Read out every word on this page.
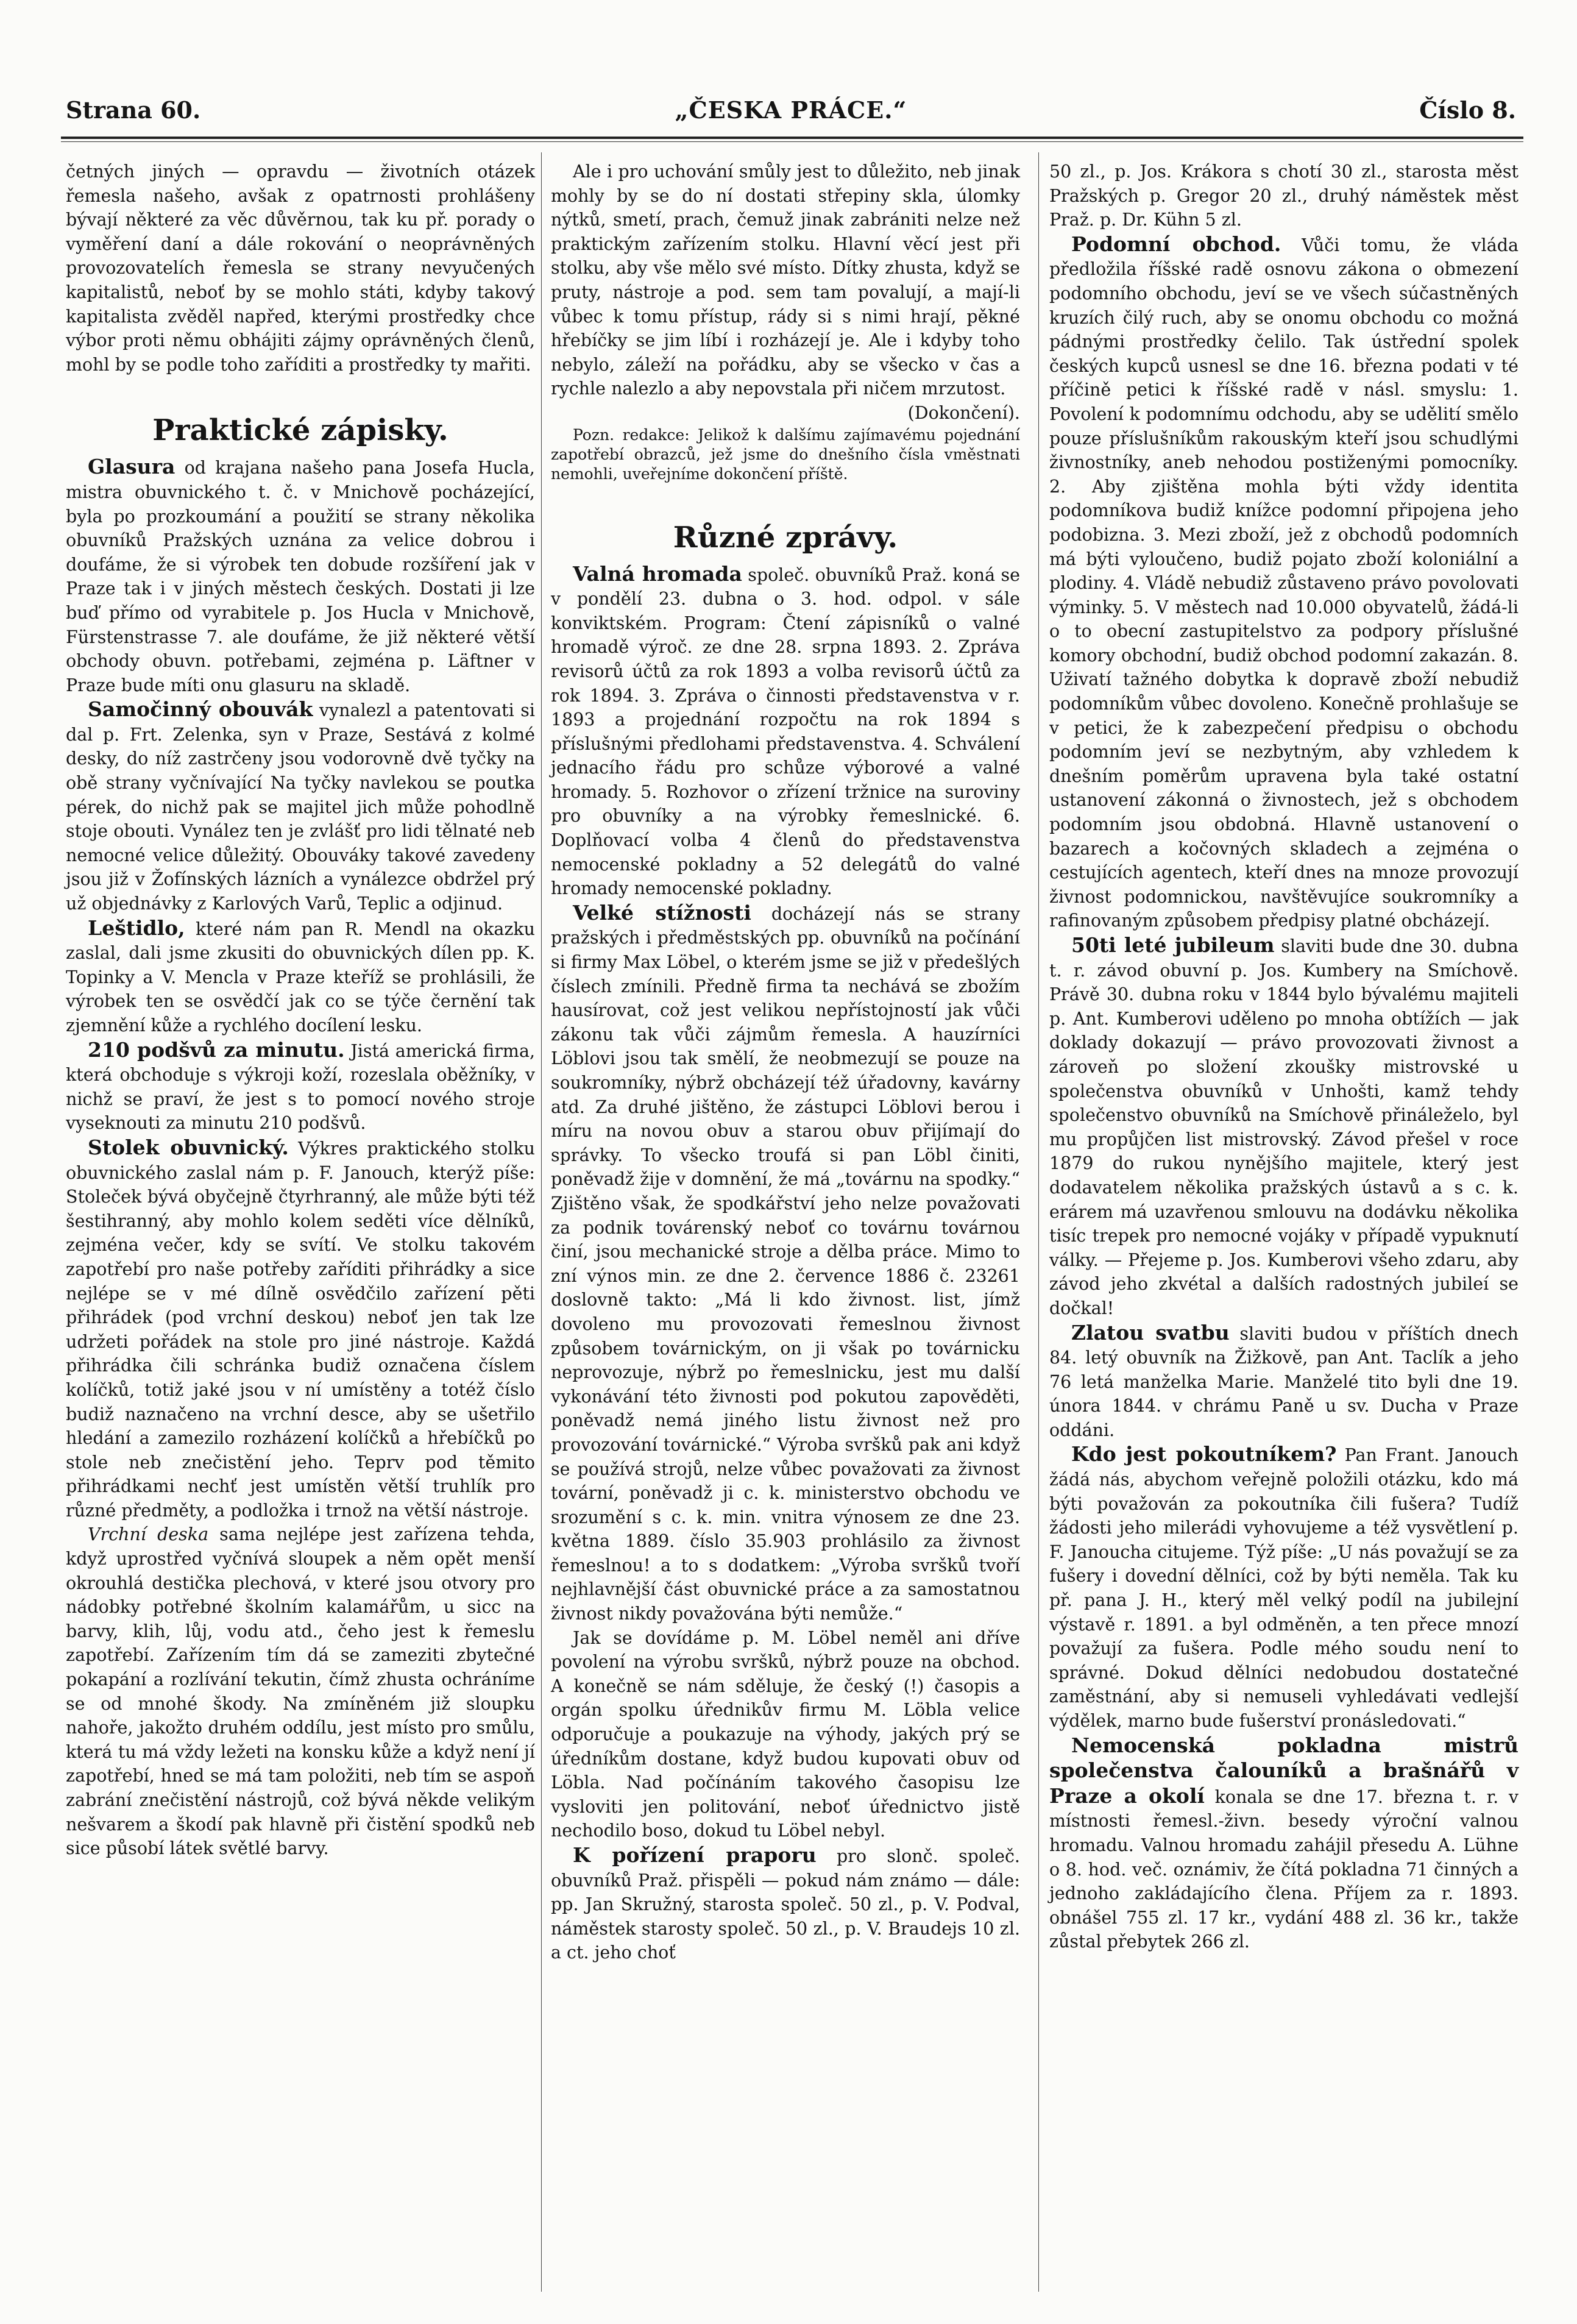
Strana 60.	„ČESKA PRÁCE.“	Číslo 8.

četných jiných — opravdu — životních otázek řemesla našeho, avšak z opatrnosti prohlášeny bývají některé za věc důvěrnou, tak ku př. porady o vyměření daní a dále rokování o neoprávněných provozovatelích řemesla se strany nevyučených kapitalistů, neboť by se mohlo státi, kdyby takový kapitalista zvěděl napřed, kterými prostředky chce výbor proti němu obhájiti zájmy oprávněných členů, mohl by se podle toho zaříditi a prostředky ty mařiti.

Praktické zápisky.

Glasura od krajana našeho pana Josefa Hucla, mistra obuvnického t. č. v Mnichově pocházející, byla po prozkoumání a použití se strany několika obuvníků Pražských uznána za velice dobrou i doufáme, že si výrobek ten dobude rozšíření jak v Praze tak i v jiných městech českých. Dostati ji lze buď přímo od vyrabitele p. Jos Hucla v Mnichově, Fürstenstrasse 7. ale doufáme, že již některé větší obchody obuvn. potřebami, zejména p. Läftner v Praze bude míti onu glasuru na skladě.

Samočinný obouvák vynalezl a patentovati si dal p. Frt. Zelenka, syn v Praze, Sestává z kolmé desky, do níž zastrčeny jsou vodorovně dvě tyčky na obě strany vyčnívající Na tyčky navlekou se poutka pérek, do nichž pak se majitel jich může pohodlně stoje obouti. Vynález ten je zvlášť pro lidi tělnaté neb nemocné velice důležitý. Obouváky takové zavedeny jsou již v Žofínských lázních a vynálezce obdržel prý už objednávky z Karlových Varů, Teplic a odjinud.

Leštidlo, které nám pan R. Mendl na okazku zaslal, dali jsme zkusiti do obuvnických dílen pp. K. Topinky a V. Mencla v Praze kteříž se prohlásili, že výrobek ten se osvědčí jak co se týče černění tak zjemnění kůže a rychlého docílení lesku.

210 podšvů za minutu. Jistá americká firma, která obchoduje s výkroji koží, rozeslala oběžníky, v nichž se praví, že jest s to pomocí nového stroje vyseknouti za minutu 210 podšvů.

Stolek obuvnický. Výkres praktického stolku obuvnického zaslal nám p. F. Janouch, kterýž píše: Stoleček bývá obyčejně čtyrhranný, ale může býti též šestihranný, aby mohlo kolem seděti více dělníků, zejména večer, kdy se svítí. Ve stolku takovém zapotřebí pro naše potřeby zaříditi přihrádky a sice nejlépe se v mé dílně osvědčilo zařízení pěti přihrádek (pod vrchní deskou) neboť jen tak lze udržeti pořádek na stole pro jiné nástroje. Každá přihrádka čili schránka budiž označena číslem kolíčků, totiž jaké jsou v ní umístěny a totéž číslo budiž naznačeno na vrchní desce, aby se ušetřilo hledání a zamezilo rozházení kolíčků a hřebíčků po stole neb znečistění jeho. Teprv pod těmito přihrádkami nechť jest umístěn větší truhlík pro různé předměty, a podložka i trnož na větší nástroje.

Vrchní deska sama nejlépe jest zařízena tehda, když uprostřed vyčnívá sloupek a něm opět menší okrouhlá destička plechová, v které jsou otvory pro nádobky potřebné školním kalamářům, u sicc na barvy, klih, lůj, vodu atd., čeho jest k řemeslu zapotřebí. Zařízením tím dá se zameziti zbytečné pokapání a rozlívání tekutin, čímž zhusta ochráníme se od mnohé škody. Na zmíněném již sloupku nahoře, jakožto druhém oddílu, jest místo pro smůlu, která tu má vždy ležeti na konsku kůže a když není jí zapotřebí, hned se má tam položiti, neb tím se aspoň zabrání znečistění nástrojů, což bývá někde velikým nešvarem a škodí pak hlavně při čistění spodků neb sice působí látek světlé barvy.

Ale i pro uchování smůly jest to důležito, neb jinak mohly by se do ní dostati střepiny skla, úlomky nýtků, smetí, prach, čemuž jinak zabrániti nelze než praktickým zařízením stolku. Hlavní věcí jest při stolku, aby vše mělo své místo. Dítky zhusta, když se pruty, nástroje a pod. sem tam povalují, a mají-li vůbec k tomu přístup, rády si s nimi hrají, pěkné hřebíčky se jim líbí i rozházejí je. Ale i kdyby toho nebylo, záleží na pořádku, aby se všecko v čas a rychle nalezlo a aby nepovstala při ničem mrzutost.

(Dokončení).

Pozn. redakce: Jelikož k dalšímu zajímavému pojednání zapotřebí obrazců, jež jsme do dnešního čísla vměstnati nemohli, uveřejníme dokončení příště.

Různé zprávy.

Valná hromada společ. obuvníků Praž. koná se v pondělí 23. dubna o 3. hod. odpol. v sále konviktském. Program: Čtení zápisníků o valné hromadě výroč. ze dne 28. srpna 1893. 2. Zpráva revisorů účtů za rok 1893 a volba revisorů účtů za rok 1894. 3. Zpráva o činnosti představenstva v r. 1893 a projednání rozpočtu na rok 1894 s příslušnými předlohami představenstva. 4. Schválení jednacího řádu pro schůze výborové a valné hromady. 5. Rozhovor o zřízení tržnice na suroviny pro obuvníky a na výrobky řemeslnické. 6. Doplňovací volba 4 členů do představenstva nemocenské pokladny a 52 delegátů do valné hromady nemocenské pokladny.

Velké stížnosti docházejí nás se strany pražských i předměstských pp. obuvníků na počínání si firmy Max Löbel, o kterém jsme se již v předešlých číslech zmínili. Předně firma ta nechává se zbožím hausírovat, což jest velikou nepřístojností jak vůči zákonu tak vůči zájmům řemesla. A hauzírníci Löblovi jsou tak smělí, že neobmezují se pouze na soukromníky, nýbrž obcházejí též úřadovny, kavárny atd. Za druhé jištěno, že zástupci Löblovi berou i míru na novou obuv a starou obuv přijímají do správky. To všecko troufá si pan Löbl činiti, poněvadž žije v domnění, že má „továrnu na spodky.“ Zjištěno však, že spodkářství jeho nelze považovati za podnik továrenský neboť co továrnu továrnou činí, jsou mechanické stroje a dělba práce. Mimo to zní výnos min. ze dne 2. července 1886 č. 23261 doslovně takto: „Má li kdo živnost. list, jímž dovoleno mu provozovati řemeslnou živnost způsobem továrnickým, on ji však po továrnicku neprovozuje, nýbrž po řemeslnicku, jest mu další vykonávání této živnosti pod pokutou zapověděti, poněvadž nemá jiného listu živnost než pro provozování továrnické.“ Výroba svršků pak ani když se používá strojů, nelze vůbec považovati za živnost tovární, poněvadž ji c. k. ministerstvo obchodu ve srozumění s c. k. min. vnitra výnosem ze dne 23. května 1889. číslo 35.903 prohlásilo za živnost řemeslnou! a to s dodatkem: „Výroba svršků tvoří nejhlavnější část obuvnické práce a za samostatnou živnost nikdy považována býti nemůže.“

Jak se dovídáme p. M. Löbel neměl ani dříve povolení na výrobu svršků, nýbrž pouze na obchod. A konečně se nám sděluje, že český (!) časopis a orgán spolku úřednikův firmu M. Löbla velice odporučuje a poukazuje na výhody, jakých prý se úředníkům dostane, když budou kupovati obuv od Löbla. Nad počínáním takového časopisu lze vysloviti jen politování, neboť úřednictvo jistě nechodilo boso, dokud tu Löbel nebyl.

K pořízení praporu pro slonč. společ. obuvníků Praž. přispěli — pokud nám známo — dále: pp. Jan Skružný, starosta společ. 50 zl., p. V. Podval, náměstek starosty společ. 50 zl., p. V. Braudejs 10 zl. a ct. jeho choť

50 zl., p. Jos. Krákora s chotí 30 zl., starosta měst Pražských p. Gregor 20 zl., druhý náměstek měst Praž. p. Dr. Kühn 5 zl.

Podomní obchod. Vůči tomu, že vláda předložila říšské radě osnovu zákona o obmezení podomního obchodu, jeví se ve všech súčastněných kruzích čilý ruch, aby se onomu obchodu co možná pádnými prostředky čelilo. Tak ústřední spolek českých kupců usnesl se dne 16. března podati v té příčině petici k říšské radě v násl. smyslu: 1. Povolení k podomnímu odchodu, aby se udělití smělo pouze příslušníkům rakouským kteří jsou schudlými živnostníky, aneb nehodou postiženými pomocníky. 2. Aby zjištěna mohla býti vždy identita podomníkova budiž knížce podomní připojena jeho podobizna. 3. Mezi zboží, jež z obchodů podomních má býti vyloučeno, budiž pojato zboží koloniální a plodiny. 4. Vládě nebudiž zůstaveno právo povolovati výminky. 5. V městech nad 10.000 obyvatelů, žádá-li o to obecní zastupitelstvo za podpory příslušné komory obchodní, budiž obchod podomní zakazán. 8. Uživatí tažného dobytka k dopravě zboží nebudiž podomníkům vůbec dovoleno. Konečně prohlašuje se v petici, že k zabezpečení předpisu o obchodu podomním jeví se nezbytným, aby vzhledem k dnešním poměrům upravena byla také ostatní ustanovení zákonná o živnostech, jež s obchodem podomním jsou obdobná. Hlavně ustanovení o bazarech a kočovných skladech a zejména o cestujících agentech, kteří dnes na mnoze provozují živnost podomnickou, navštěvujíce soukromníky a rafinovaným způsobem předpisy platné obcházejí.

50ti leté jubileum slaviti bude dne 30. dubna t. r. závod obuvní p. Jos. Kumbery na Smíchově. Právě 30. dubna roku v 1844 bylo bývalému majiteli p. Ant. Kumberovi uděleno po mnoha obtížích — jak doklady dokazují — právo provozovati živnost a zároveň po složení zkoušky mistrovské u společenstva obuvníků v Unhošti, kamž tehdy společenstvo obuvníků na Smíchově přináleželo, byl mu propůjčen list mistrovský. Závod přešel v roce 1879 do rukou nynějšího majitele, který jest dodavatelem několika pražských ústavů a s c. k. erárem má uzavřenou smlouvu na dodávku několika tisíc trepek pro nemocné vojáky v případě vypuknutí války. — Přejeme p. Jos. Kumberovi všeho zdaru, aby závod jeho zkvétal a dalších radostných jubileí se dočkal!

Zlatou svatbu slaviti budou v příštích dnech 84. letý obuvník na Žižkově, pan Ant. Taclík a jeho 76 letá manželka Marie. Manželé tito byli dne 19. února 1844. v chrámu Paně u sv. Ducha v Praze oddáni.

Kdo jest pokoutníkem? Pan Frant. Janouch žádá nás, abychom veřejně položili otázku, kdo má býti považován za pokoutníka čili fušera? Tudíž žádosti jeho milerádi vyhovujeme a též vysvětlení p. F. Janoucha citujeme. Týž píše: „U nás považují se za fušery i dovední dělníci, což by býti neměla. Tak ku př. pana J. H., který měl velký podíl na jubilejní výstavě r. 1891. a byl odměněn, a ten přece mnozí považují za fušera. Podle mého soudu není to správné. Dokud dělníci nedobudou dostatečné zaměstnání, aby si nemuseli vyhledávati vedlejší výdělek, marno bude fušerství pronásledovati.“

Nemocenská pokladna mistrů společenstva čalouníků a brašnářů v Praze a okolí konala se dne 17. března t. r. v místnosti řemesl.-živn. besedy výroční valnou hromadu. Valnou hromadu zahájil přesedu A. Lühne o 8. hod. več. oznámiv, že čítá pokladna 71 činných a jednoho zakládajícího člena. Příjem za r. 1893. obnášel 755 zl. 17 kr., vydání 488 zl. 36 kr., takže zůstal přebytek 266 zl.
